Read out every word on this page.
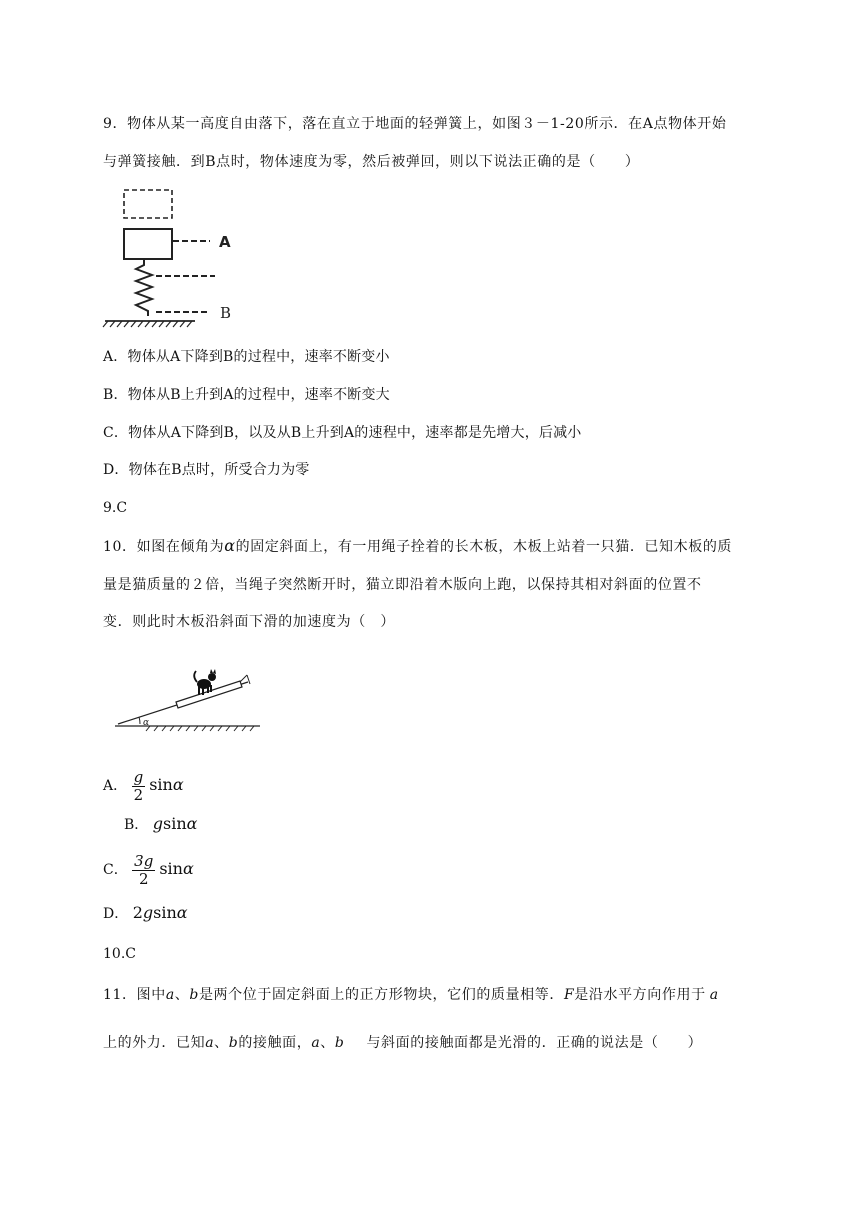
9．物体从某一高度自由落下，落在直立于地面的轻弹簧上，如图３－1-20所示．在A点物体开始
与弹簧接触．到B点时，物体速度为零，然后被弹回，则以下说法正确的是（　　）
A
B
A．物体从A下降到B的过程中，速率不断变小
B．物体从B上升到A的过程中，速率不断变大
C．物体从A下降到B，以及从B上升到A的速程中，速率都是先增大，后减小
D．物体在B点时，所受合力为零
9.C
10．如图在倾角为α的固定斜面上，有一用绳子拴着的长木板，木板上站着一只猫．已知木板的质
量是猫质量的２倍，当绳子突然断开时，猫立即沿着木版向上跑，以保持其相对斜面的位置不
变．则此时木板沿斜面下滑的加速度为（　）
α
A． $\frac{g}{2}$ sinα
B． gsinα
C． $\frac{3g}{2}$ sinα
D． 2gsinα
10.C
11．图中a、b是两个位于固定斜面上的正方形物块，它们的质量相等．F是沿水平方向作用于 a
上的外力．已知a、b的接触面，a、b 与斜面的接触面都是光滑的．正确的说法是（　　）
